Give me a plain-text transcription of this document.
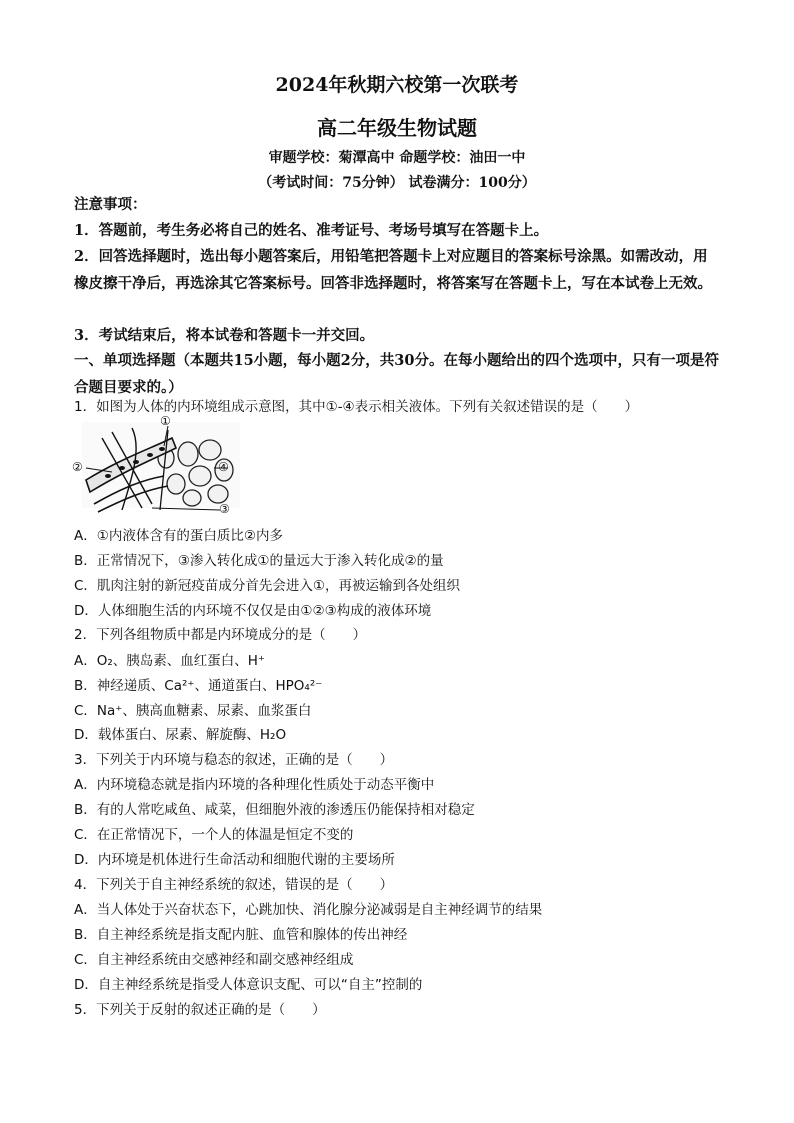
2024年秋期六校第一次联考
高二年级生物试题
审题学校：菊潭高中 命题学校：油田一中
（考试时间：75分钟） 试卷满分：100分）
注意事项：
1．答题前，考生务必将自己的姓名、准考证号、考场号填写在答题卡上。
2．回答选择题时，选出每小题答案后，用铅笔把答题卡上对应题目的答案标号涂黑。如需改动，用橡皮擦干净后，再选涂其它答案标号。回答非选择题时，将答案写在答题卡上，写在本试卷上无效。
3．考试结束后，将本试卷和答题卡一并交回。
一、单项选择题（本题共15小题，每小题2分，共30分。在每小题给出的四个选项中，只有一项是符合题目要求的。）
1．如图为人体的内环境组成示意图，其中①-④表示相关液体。下列有关叙述错误的是（　　）
①
②
③
④
A．①内液体含有的蛋白质比②内多
B．正常情况下，③渗入转化成①的量远大于渗入转化成②的量
C．肌肉注射的新冠疫苗成分首先会进入①，再被运输到各处组织
D．人体细胞生活的内环境不仅仅是由①②③构成的液体环境
2．下列各组物质中都是内环境成分的是（　　）
A．O₂、胰岛素、血红蛋白、H⁺
B．神经递质、Ca²⁺、通道蛋白、HPO₄²⁻
C．Na⁺、胰高血糖素、尿素、血浆蛋白
D．载体蛋白、尿素、解旋酶、H₂O
3．下列关于内环境与稳态的叙述，正确的是（　　）
A．内环境稳态就是指内环境的各种理化性质处于动态平衡中
B．有的人常吃咸鱼、咸菜，但细胞外液的渗透压仍能保持相对稳定
C．在正常情况下，一个人的体温是恒定不变的
D．内环境是机体进行生命活动和细胞代谢的主要场所
4．下列关于自主神经系统的叙述，错误的是（　　）
A．当人体处于兴奋状态下，心跳加快、消化腺分泌减弱是自主神经调节的结果
B．自主神经系统是指支配内脏、血管和腺体的传出神经
C．自主神经系统由交感神经和副交感神经组成
D．自主神经系统是指受人体意识支配、可以“自主”控制的
5．下列关于反射的叙述正确的是（　　）
